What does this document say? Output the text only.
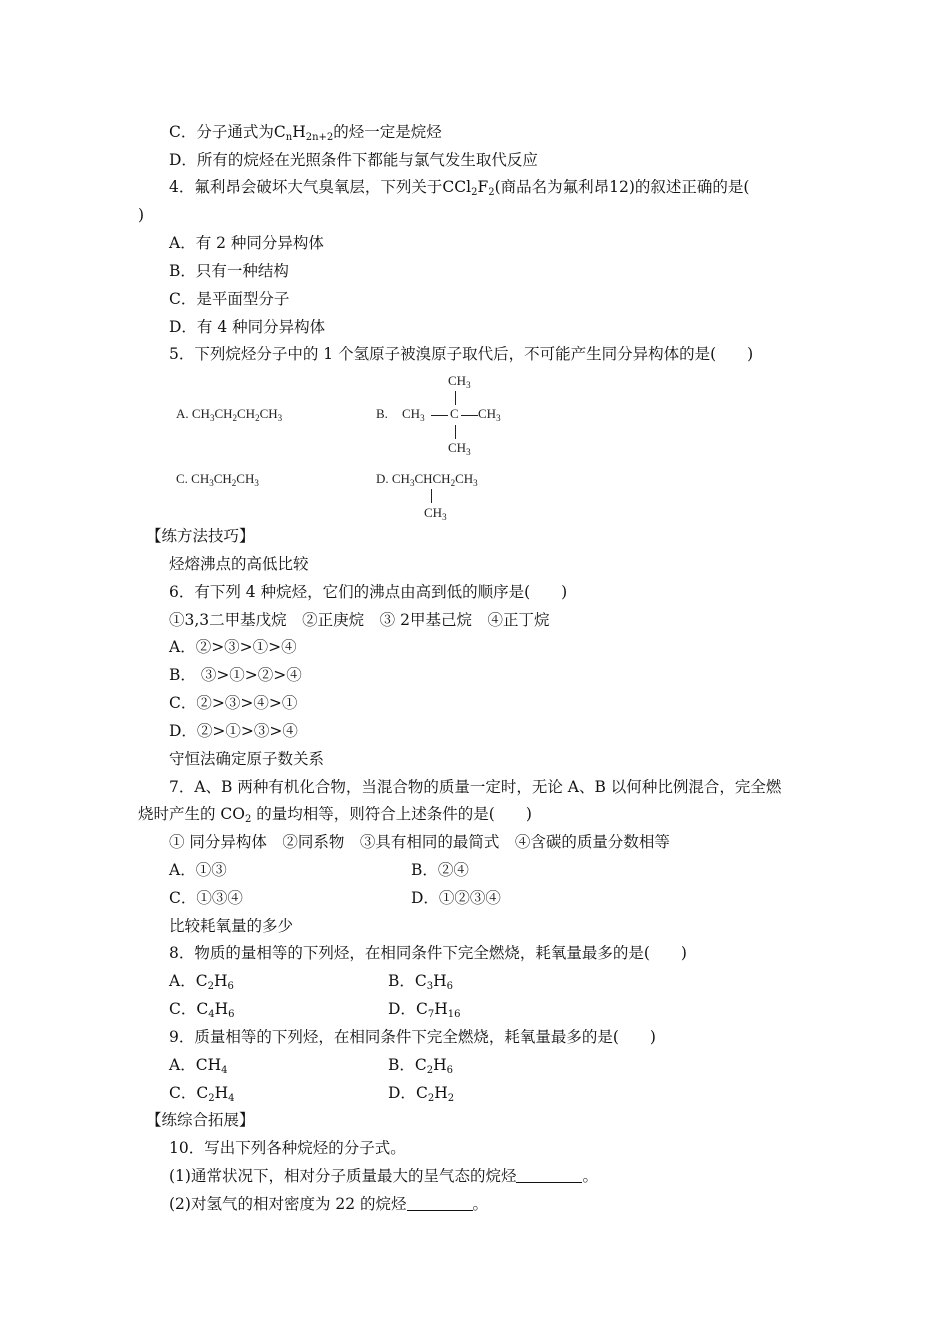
C．分子通式为$C_nH_{2n+2}$的烃一定是烷烃
D．所有的烷烃在光照条件下都能与氯气发生取代反应
4．氟利昂会破坏大气臭氧层，下列关于$CCl_2F_2$(商品名为氟利昂12)的叙述正确的是(
)
A．有 2 种同分异构体
B．只有一种结构
C．是平面型分子
D．有 4 种同分异构体
5．下列烷烃分子中的 1 个氢原子被溴原子取代后，不可能产生同分异构体的是(　　)
A. $CH_3CH_2CH_2CH_3$	B.
$CH_3$
$CH_3$ C $CH_3$
$CH_3$
C. $CH_3CH_2CH_3$	D. $CH_3CHCH_2CH_3$
$CH_3$
【练方法技巧】
烃熔沸点的高低比较
6．有下列 4 种烷烃，它们的沸点由高到低的顺序是(　　)
①3,3二甲基戊烷　②正庚烷　③ 2甲基己烷　④正丁烷
A．②>③>①>④
B． ③>①>②>④
C．②>③>④>①
D．②>①>③>④
守恒法确定原子数关系
7．A、B 两种有机化合物，当混合物的质量一定时，无论 A、B 以何种比例混合，完全燃
烧时产生的 $CO_2$ 的量均相等，则符合上述条件的是(　　)
① 同分异构体　②同系物　③具有相同的最简式　④含碳的质量分数相等
A．①③	B．②④
C．①③④	D．①②③④
比较耗氧量的多少
8．物质的量相等的下列烃，在相同条件下完全燃烧，耗氧量最多的是(　　)
A．$C_2H_6$	B．$C_3H_6$
C．$C_4H_6$	D．$C_7H_{16}$
9．质量相等的下列烃，在相同条件下完全燃烧，耗氧量最多的是(　　)
A．$CH_4$	B．$C_2H_6$
C．$C_2H_4$	D．$C_2H_2$
【练综合拓展】
10．写出下列各种烷烃的分子式。
(1)通常状况下，相对分子质量最大的呈气态的烷烃	。
(2)对氢气的相对密度为 22 的烷烃	。
